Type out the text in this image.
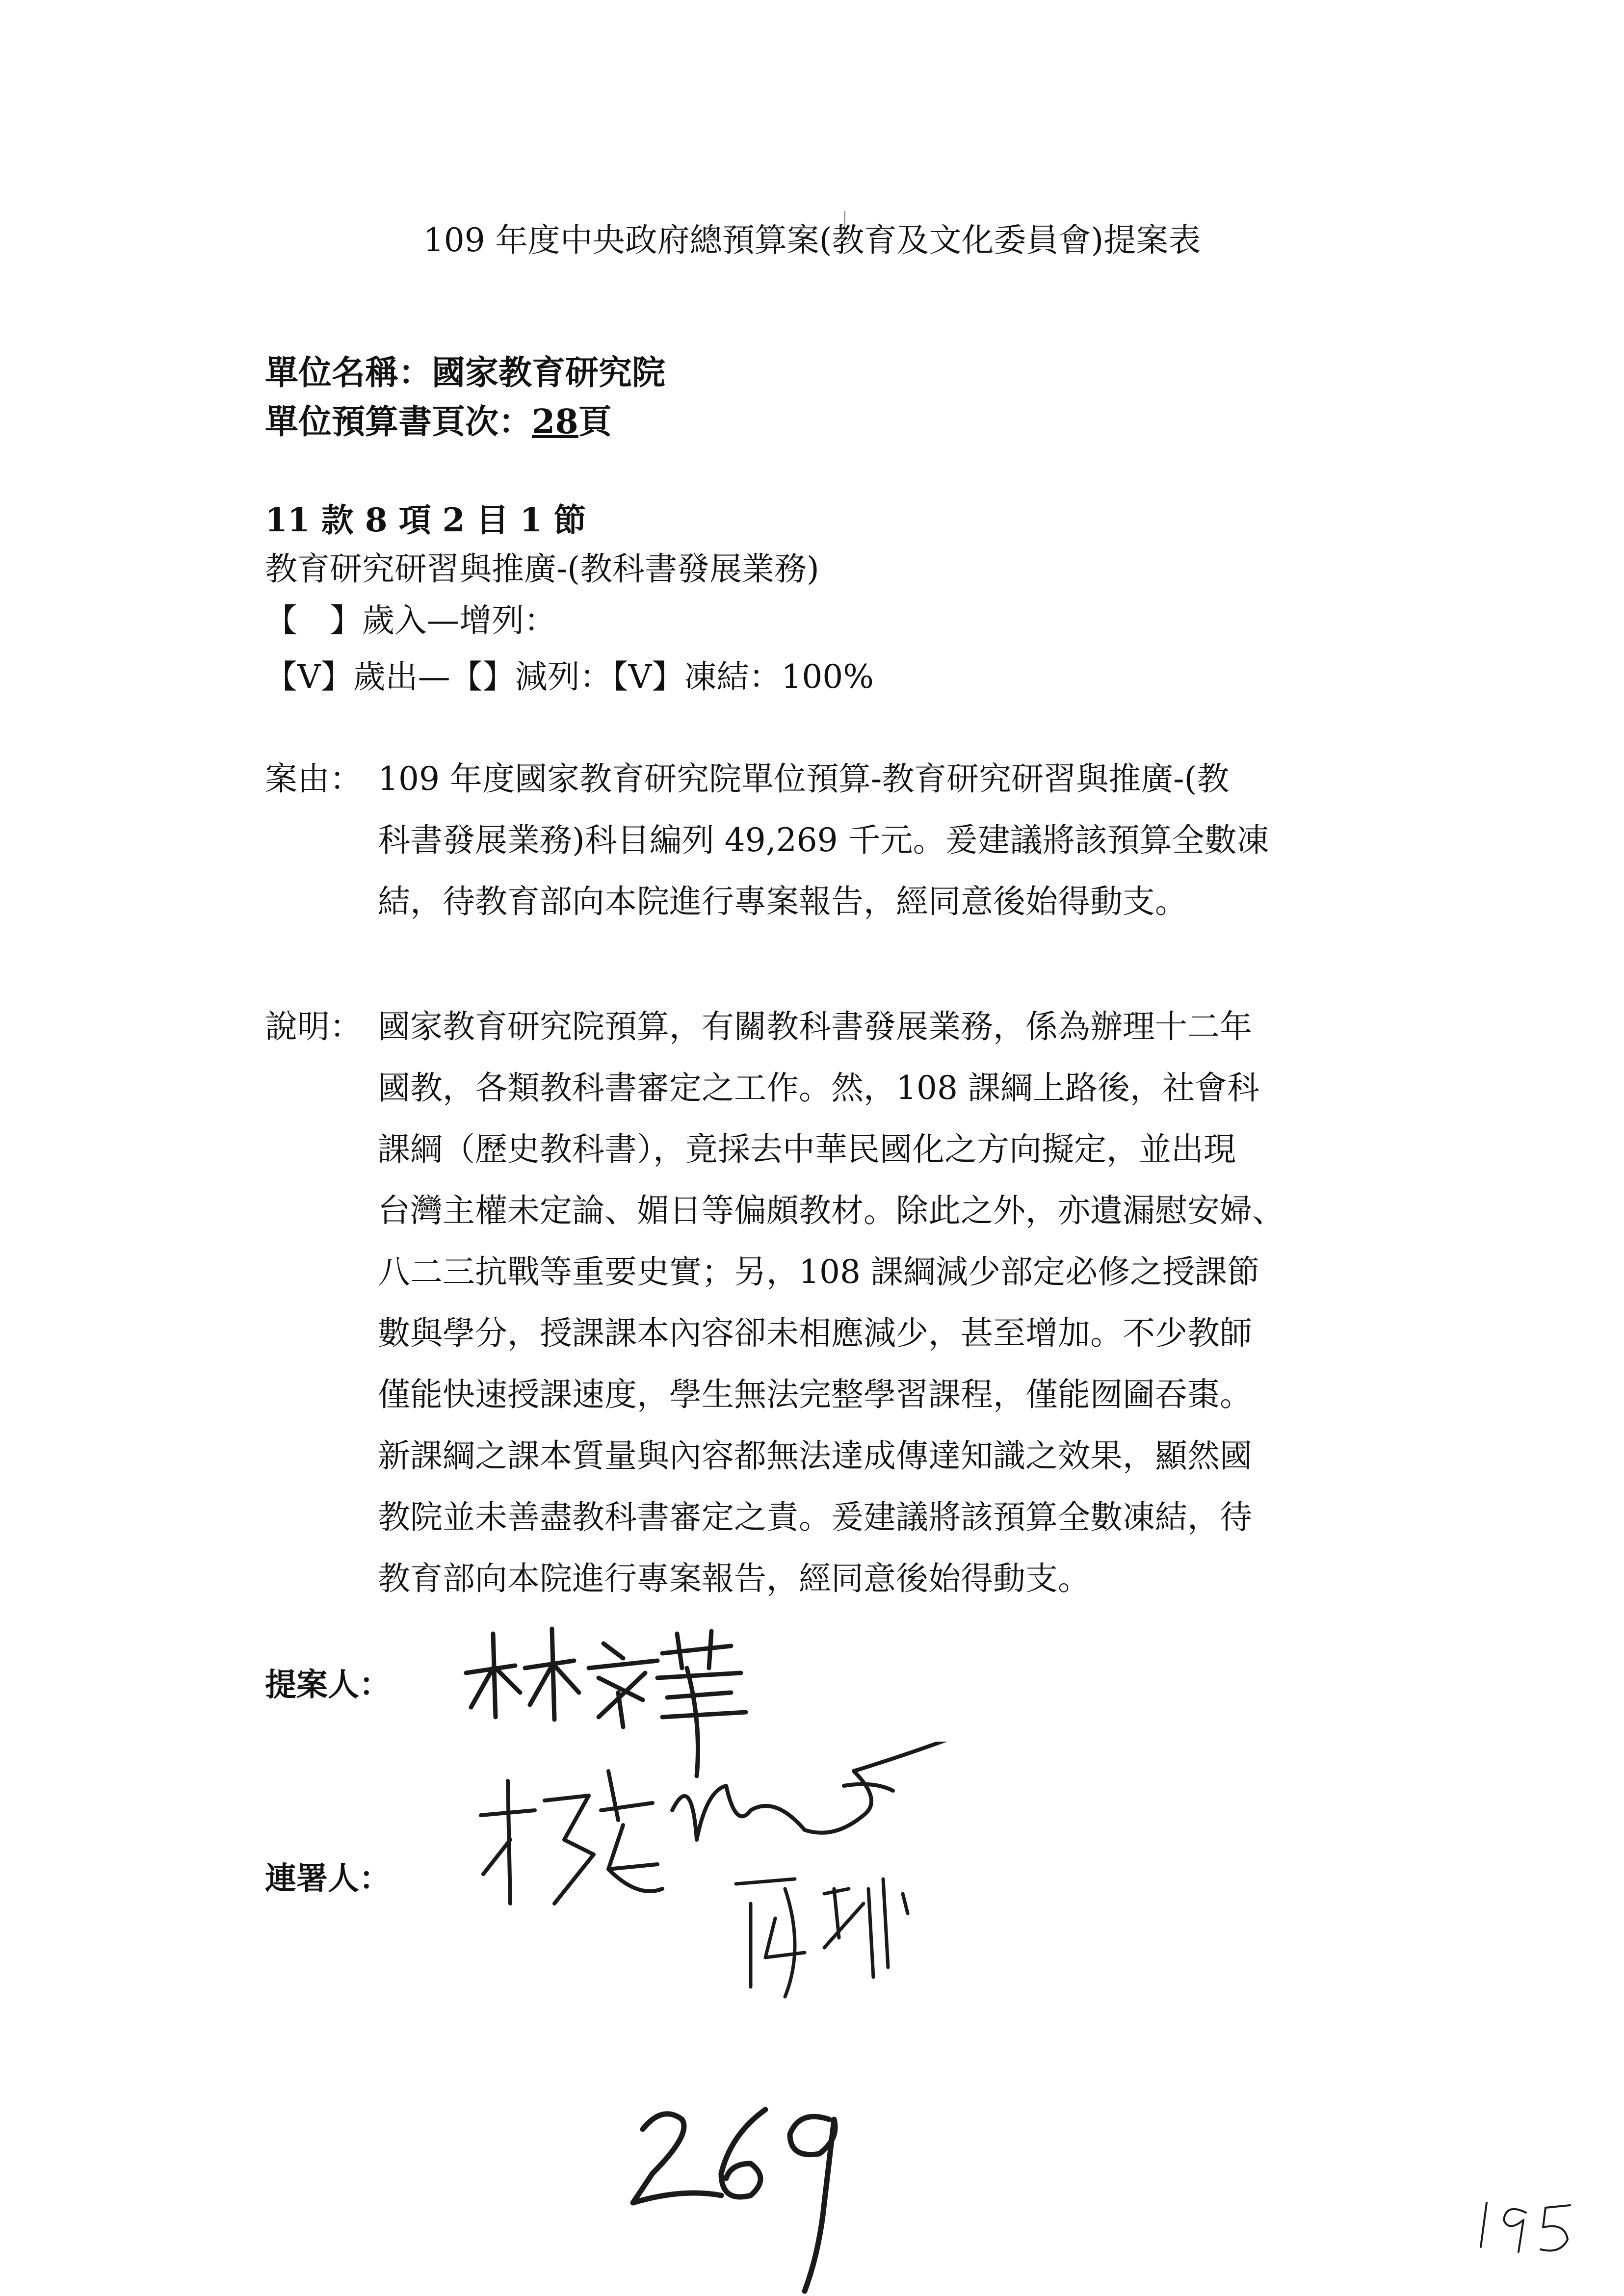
109 年度中央政府總預算案(教育及文化委員會)提案表
單位名稱：國家教育研究院
單位預算書頁次：28頁
11 款 8 項 2 目 1 節
教育研究研習與推廣-(教科書發展業務)
【　】歲入—增列：
【V】歲出—【】減列：【V】凍結：100%
案由： 109 年度國家教育研究院單位預算-教育研究研習與推廣-(教
科書發展業務)科目編列 49,269 千元。爰建議將該預算全數凍
結，待教育部向本院進行專案報告，經同意後始得動支。
說明： 國家教育研究院預算，有關教科書發展業務，係為辦理十二年
國教，各類教科書審定之工作。然，108 課綱上路後，社會科
課綱（歷史教科書），竟採去中華民國化之方向擬定，並出現
台灣主權未定論、媚日等偏頗教材。除此之外，亦遺漏慰安婦、
八二三抗戰等重要史實；另，108 課綱減少部定必修之授課節
數與學分，授課課本內容卻未相應減少，甚至增加。不少教師
僅能快速授課速度，學生無法完整學習課程，僅能囫圇吞棗。
新課綱之課本質量與內容都無法達成傳達知識之效果，顯然國
教院並未善盡教科書審定之責。爰建議將該預算全數凍結，待
教育部向本院進行專案報告，經同意後始得動支。
提案人：
連署人：
